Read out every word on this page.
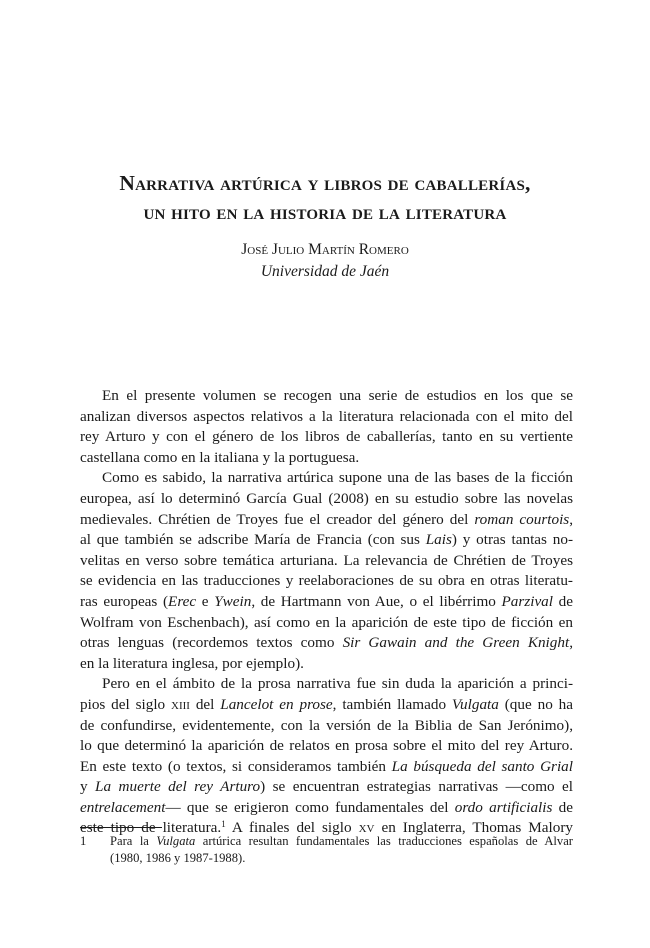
Narrativa artúrica y libros de caballerías,
un hito en la historia de la literatura
José Julio Martín Romero
Universidad de Jaén

En el presente volumen se recogen una serie de estudios en los que se
analizan diversos aspectos relativos a la literatura relacionada con el mito del
rey Arturo y con el género de los libros de caballerías, tanto en su vertiente
castellana como en la italiana y la portuguesa.

Como es sabido, la narrativa artúrica supone una de las bases de la ficción
europea, así lo determinó García Gual (2008) en su estudio sobre las novelas
medievales. Chrétien de Troyes fue el creador del género del roman courtois,
al que también se adscribe María de Francia (con sus Lais) y otras tantas no-
velitas en verso sobre temática arturiana. La relevancia de Chrétien de Troyes
se evidencia en las traducciones y reelaboraciones de su obra en otras literatu-
ras europeas (Erec e Ywein, de Hartmann von Aue, o el libérrimo Parzival de
Wolfram von Eschenbach), así como en la aparición de este tipo de ficción en
otras lenguas (recordemos textos como Sir Gawain and the Green Knight,
en la literatura inglesa, por ejemplo).

Pero en el ámbito de la prosa narrativa fue sin duda la aparición a princi-
pios del siglo xiii del Lancelot en prose, también llamado Vulgata (que no ha
de confundirse, evidentemente, con la versión de la Biblia de San Jerónimo),
lo que determinó la aparición de relatos en prosa sobre el mito del rey Arturo.
En este texto (o textos, si consideramos también La búsqueda del santo Grial
y La muerte del rey Arturo) se encuentran estrategias narrativas —como el
entrelacement— que se erigieron como fundamentales del ordo artificialis de
este tipo de literatura.$^1$ A finales del siglo xv en Inglaterra, Thomas Malory

1 Para la Vulgata artúrica resultan fundamentales las traducciones españolas de Alvar
(1980, 1986 y 1987-1988).
